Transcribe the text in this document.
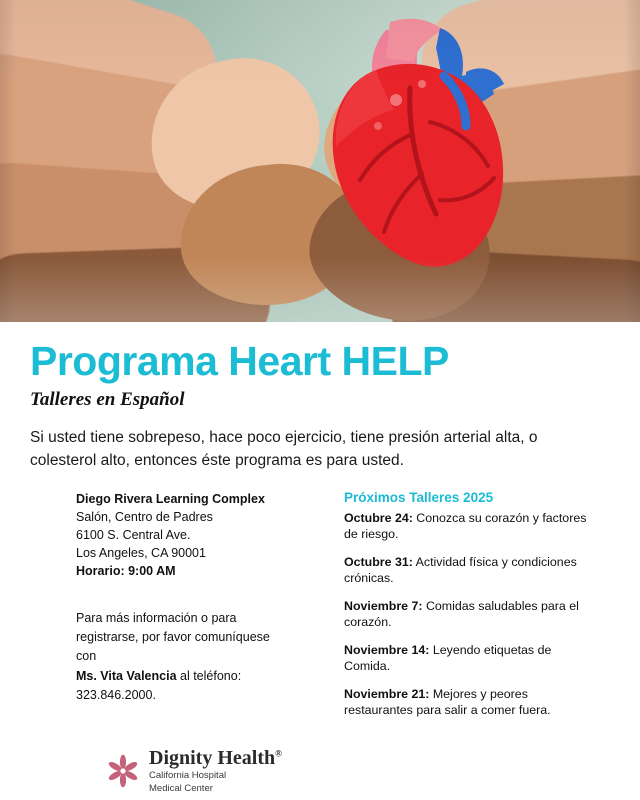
Programa Heart HELP
Talleres en Español

Si usted tiene sobrepeso, hace poco ejercicio, tiene presión arterial alta, o colesterol alto, entonces éste programa es para usted.

Diego Rivera Learning Complex
Salón, Centro de Padres
6100 S. Central Ave.
Los Angeles, CA 90001
Horario: 9:00 AM
Para más información o para
registrarse, por favor comuníquese con
Ms. Vita Valencia al teléfono:
323.846.2000.
Próximos Talleres 2025
Octubre 24: Conozca su corazón y factores de riesgo.
Octubre 31: Actividad física y condiciones crónicas.
Noviembre 7: Comidas saludables para el corazón.
Noviembre 14: Leyendo etiquetas de Comida.
Noviembre 21: Mejores y peores restaurantes para salir a comer fuera.
Dignity Health®
California Hospital
Medical Center
